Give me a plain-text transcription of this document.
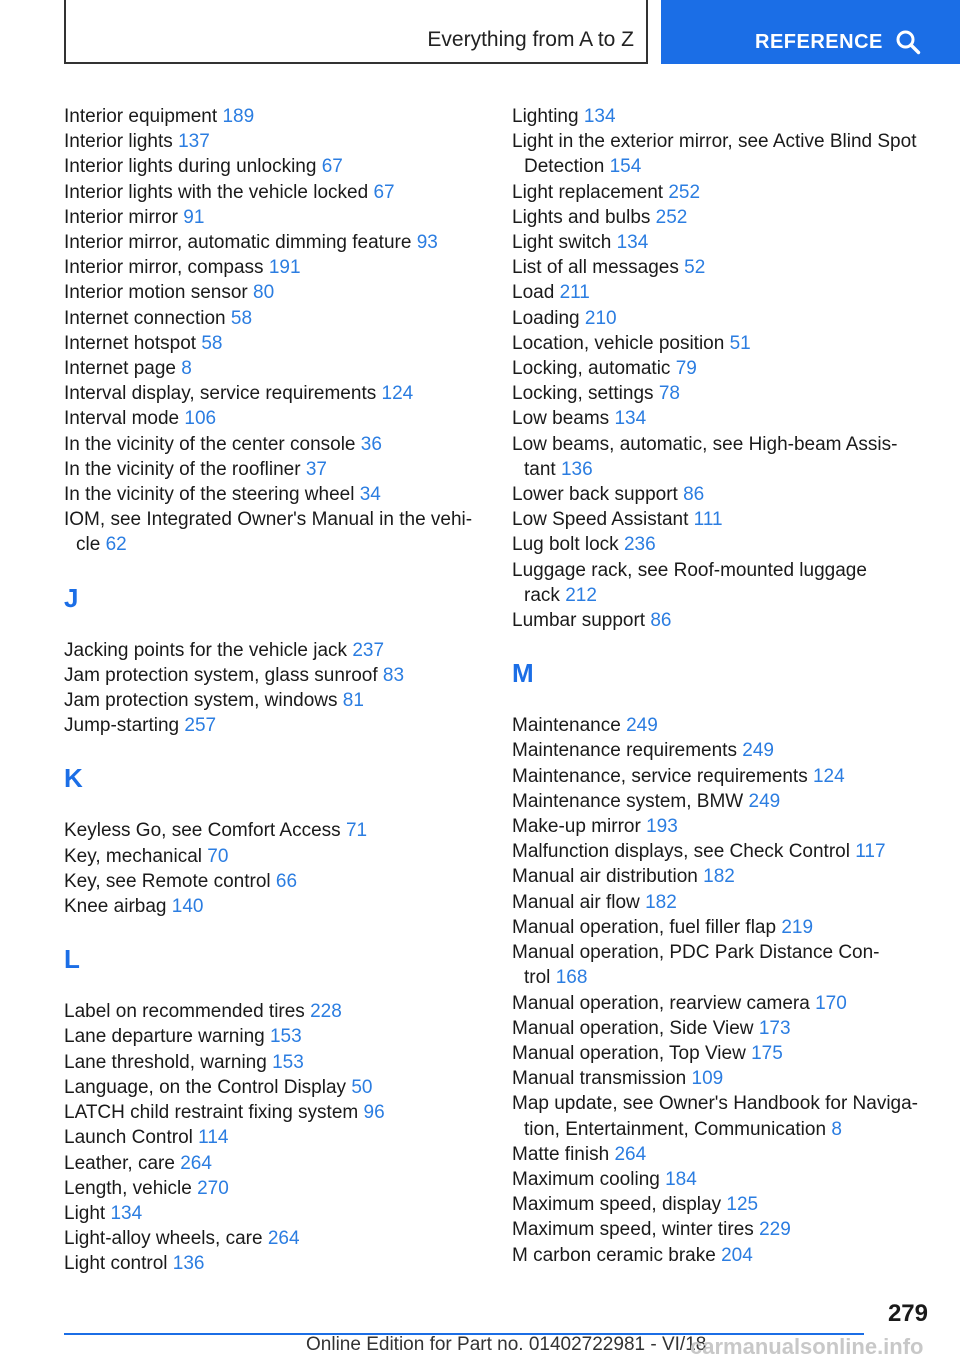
Everything from A to Z	REFERENCE
Interior equipment 189
Interior lights 137
Interior lights during unlocking 67
Interior lights with the vehicle locked 67
Interior mirror 91
Interior mirror, automatic dimming feature 93
Interior mirror, compass 191
Interior motion sensor 80
Internet connection 58
Internet hotspot 58
Internet page 8
Interval display, service requirements 124
Interval mode 106
In the vicinity of the center console 36
In the vicinity of the roofliner 37
In the vicinity of the steering wheel 34
IOM, see Integrated Owner's Manual in the vehi-
cle 62
J
Jacking points for the vehicle jack 237
Jam protection system, glass sunroof 83
Jam protection system, windows 81
Jump-starting 257
K
Keyless Go, see Comfort Access 71
Key, mechanical 70
Key, see Remote control 66
Knee airbag 140
L
Label on recommended tires 228
Lane departure warning 153
Lane threshold, warning 153
Language, on the Control Display 50
LATCH child restraint fixing system 96
Launch Control 114
Leather, care 264
Length, vehicle 270
Light 134
Light-alloy wheels, care 264
Light control 136
Lighting 134
Light in the exterior mirror, see Active Blind Spot
Detection 154
Light replacement 252
Lights and bulbs 252
Light switch 134
List of all messages 52
Load 211
Loading 210
Location, vehicle position 51
Locking, automatic 79
Locking, settings 78
Low beams 134
Low beams, automatic, see High-beam Assis-
tant 136
Lower back support 86
Low Speed Assistant 111
Lug bolt lock 236
Luggage rack, see Roof-mounted luggage
rack 212
Lumbar support 86
M
Maintenance 249
Maintenance requirements 249
Maintenance, service requirements 124
Maintenance system, BMW 249
Make-up mirror 193
Malfunction displays, see Check Control 117
Manual air distribution 182
Manual air flow 182
Manual operation, fuel filler flap 219
Manual operation, PDC Park Distance Con-
trol 168
Manual operation, rearview camera 170
Manual operation, Side View 173
Manual operation, Top View 175
Manual transmission 109
Map update, see Owner's Handbook for Naviga-
tion, Entertainment, Communication 8
Matte finish 264
Maximum cooling 184
Maximum speed, display 125
Maximum speed, winter tires 229
M carbon ceramic brake 204
279
Online Edition for Part no. 01402722981 - VI/18
carmanualsonline.info
